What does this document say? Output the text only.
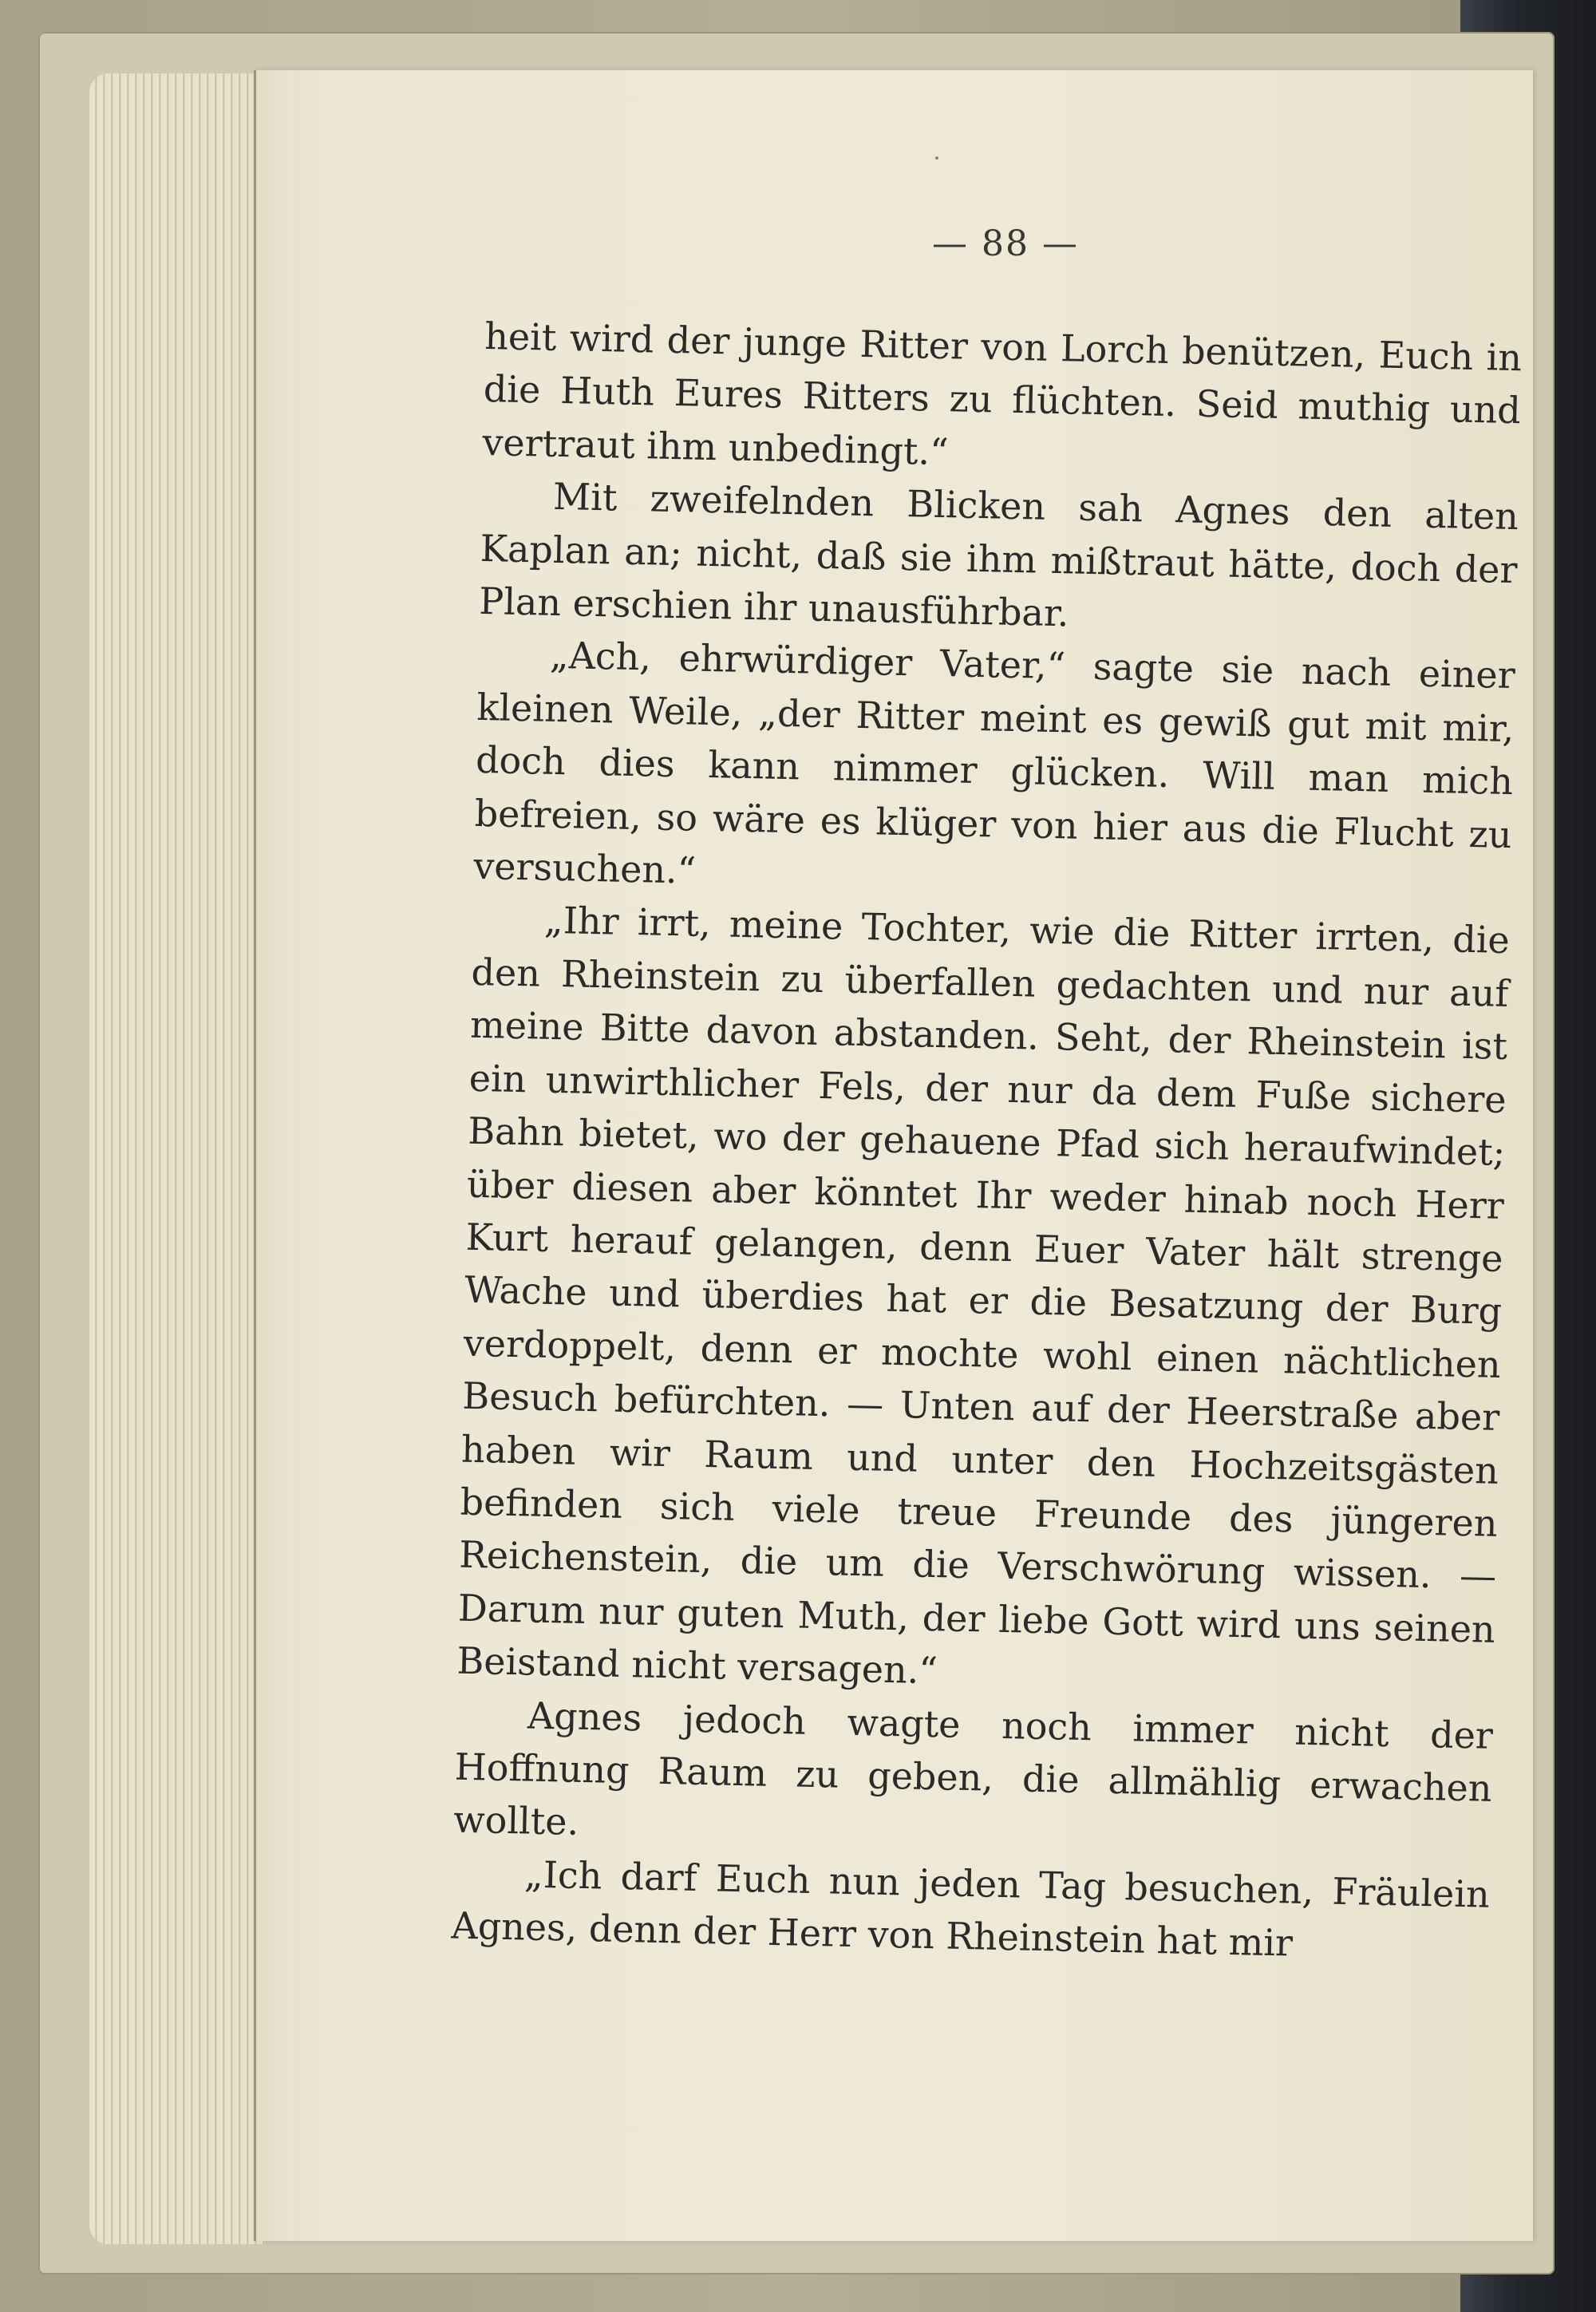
— 88 —

heit wird der junge Ritter von Lorch benützen, Euch in die Huth Eures Ritters zu flüchten. Seid muthig und vertraut ihm unbedingt.“

Mit zweifelnden Blicken sah Agnes den alten Kaplan an; nicht, daß sie ihm mißtraut hätte, doch der Plan erschien ihr unausführbar.

„Ach, ehrwürdiger Vater,“ sagte sie nach einer kleinen Weile, „der Ritter meint es gewiß gut mit mir, doch dies kann nimmer glücken. Will man mich befreien, so wäre es klüger von hier aus die Flucht zu versuchen.“

„Ihr irrt, meine Tochter, wie die Ritter irrten, die den Rheinstein zu überfallen gedachten und nur auf meine Bitte davon abstanden. Seht, der Rheinstein ist ein unwirthlicher Fels, der nur da dem Fuße sichere Bahn bietet, wo der gehauene Pfad sich heraufwindet; über diesen aber könntet Ihr weder hinab noch Herr Kurt herauf gelangen, denn Euer Vater hält strenge Wache und überdies hat er die Besatzung der Burg verdoppelt, denn er mochte wohl einen nächtlichen Besuch befürchten. — Unten auf der Heerstraße aber haben wir Raum und unter den Hochzeitsgästen befinden sich viele treue Freunde des jüngeren Reichenstein, die um die Verschwörung wissen. — Darum nur guten Muth, der liebe Gott wird uns seinen Beistand nicht versagen.“

Agnes jedoch wagte noch immer nicht der Hoffnung Raum zu geben, die allmählig erwachen wollte.

„Ich darf Euch nun jeden Tag besuchen, Fräulein Agnes, denn der Herr von Rheinstein hat mir
